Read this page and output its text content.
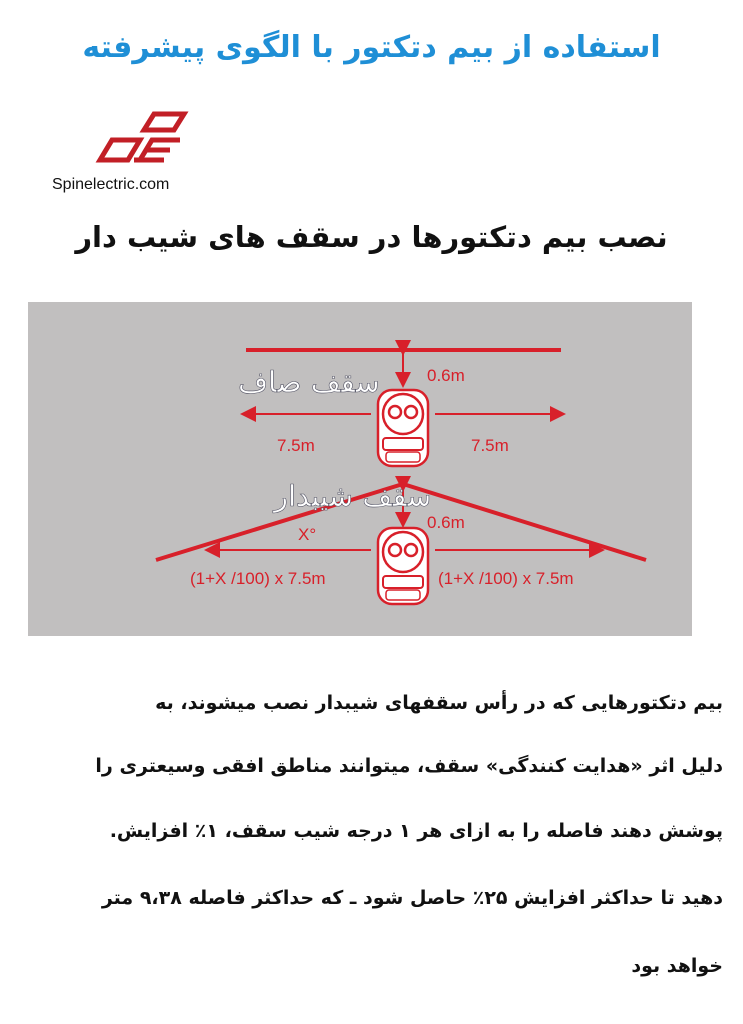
استفاده از بیم دتکتور با الگوی پیشرفته
Spinelectric.com
نصب بیم دتکتورها در سقف های شیب دار
سقف صاف
سقف شیبدار
0.6m
7.5m	7.5m
0.6m
X°
(1+X /100) x 7.5m	(1+X /100) x 7.5m
بیم دتکتورهایی که در رأس سقفهای شیبدار نصب میشوند، به
دلیل اثر «هدایت کنندگی» سقف، میتوانند مناطق افقی وسیعتری را
پوشش دهند فاصله را به ازای هر ۱ درجه شیب سقف، ۱٪ افزایش.
دهید تا حداکثر افزایش ۲۵٪ حاصل شود ـ که حداکثر فاصله ۹،۳۸ متر
خواهد بود
